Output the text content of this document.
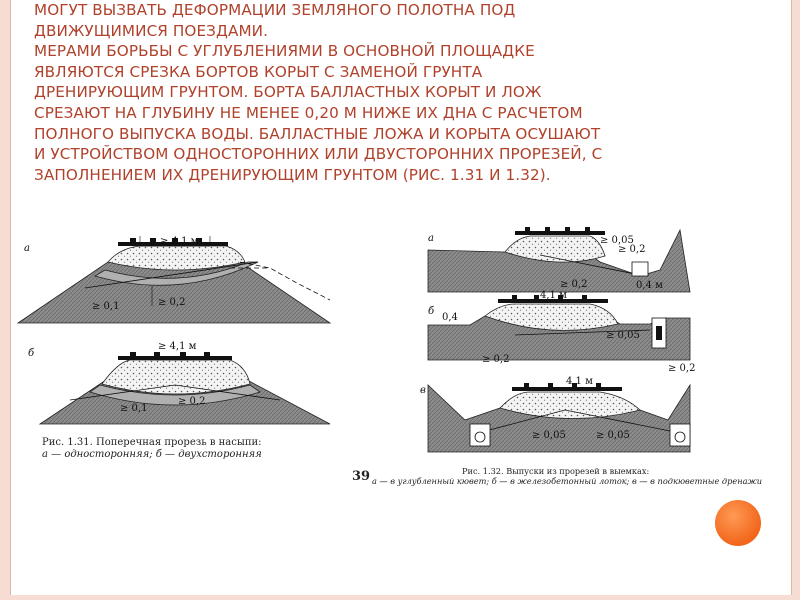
МОГУТ ВЫЗВАТЬ ДЕФОРМАЦИИ ЗЕМЛЯНОГО ПОЛОТНА ПОД

ДВИЖУЩИМИСЯ ПОЕЗДАМИ.

МЕРАМИ БОРЬБЫ С УГЛУБЛЕНИЯМИ В ОСНОВНОЙ ПЛОЩАДКЕ

ЯВЛЯЮТСЯ СРЕЗКА БОРТОВ КОРЫТ С ЗАМЕНОЙ ГРУНТА

ДРЕНИРУЮЩИМ ГРУНТОМ. БОРТА БАЛЛАСТНЫХ КОРЫТ И ЛОЖ

СРЕЗАЮТ НА ГЛУБИНУ НЕ МЕНЕЕ 0,20 М НИЖЕ ИХ ДНА С РАСЧЕТОМ

ПОЛНОГО ВЫПУСКА ВОДЫ. БАЛЛАСТНЫЕ ЛОЖА И КОРЫТА ОСУШАЮТ

И УСТРОЙСТВОМ ОДНОСТОРОННИХ ИЛИ ДВУСТОРОННИХ ПРОРЕЗЕЙ, С

ЗАПОЛНЕНИЕМ ИХ ДРЕНИРУЮЩИМ ГРУНТОМ (РИС. 1.31 И 1.32).

а
≥ 4,1 м
≥ 0,1	≥ 0,2
б
≥ 4,1 м
≥ 0,1
≥ 0,2
а	≥ 0,05
≥ 0,2
≥ 0,2	0,4 м
б
4,1 м
0,4
≥ 0,05
≥ 0,2
≥ 0,2
в
4,1 м
≥ 0,05	≥ 0,05
Рис. 1.31. Поперечная прорезь в насыпи:
а — односторонняя; б — двухсторонняя
39	Рис. 1.32. Выпуски из прорезей в выемках:
а — в углубленный кювет; б — в железобетонный лоток; в — в подкюветные дренажи
